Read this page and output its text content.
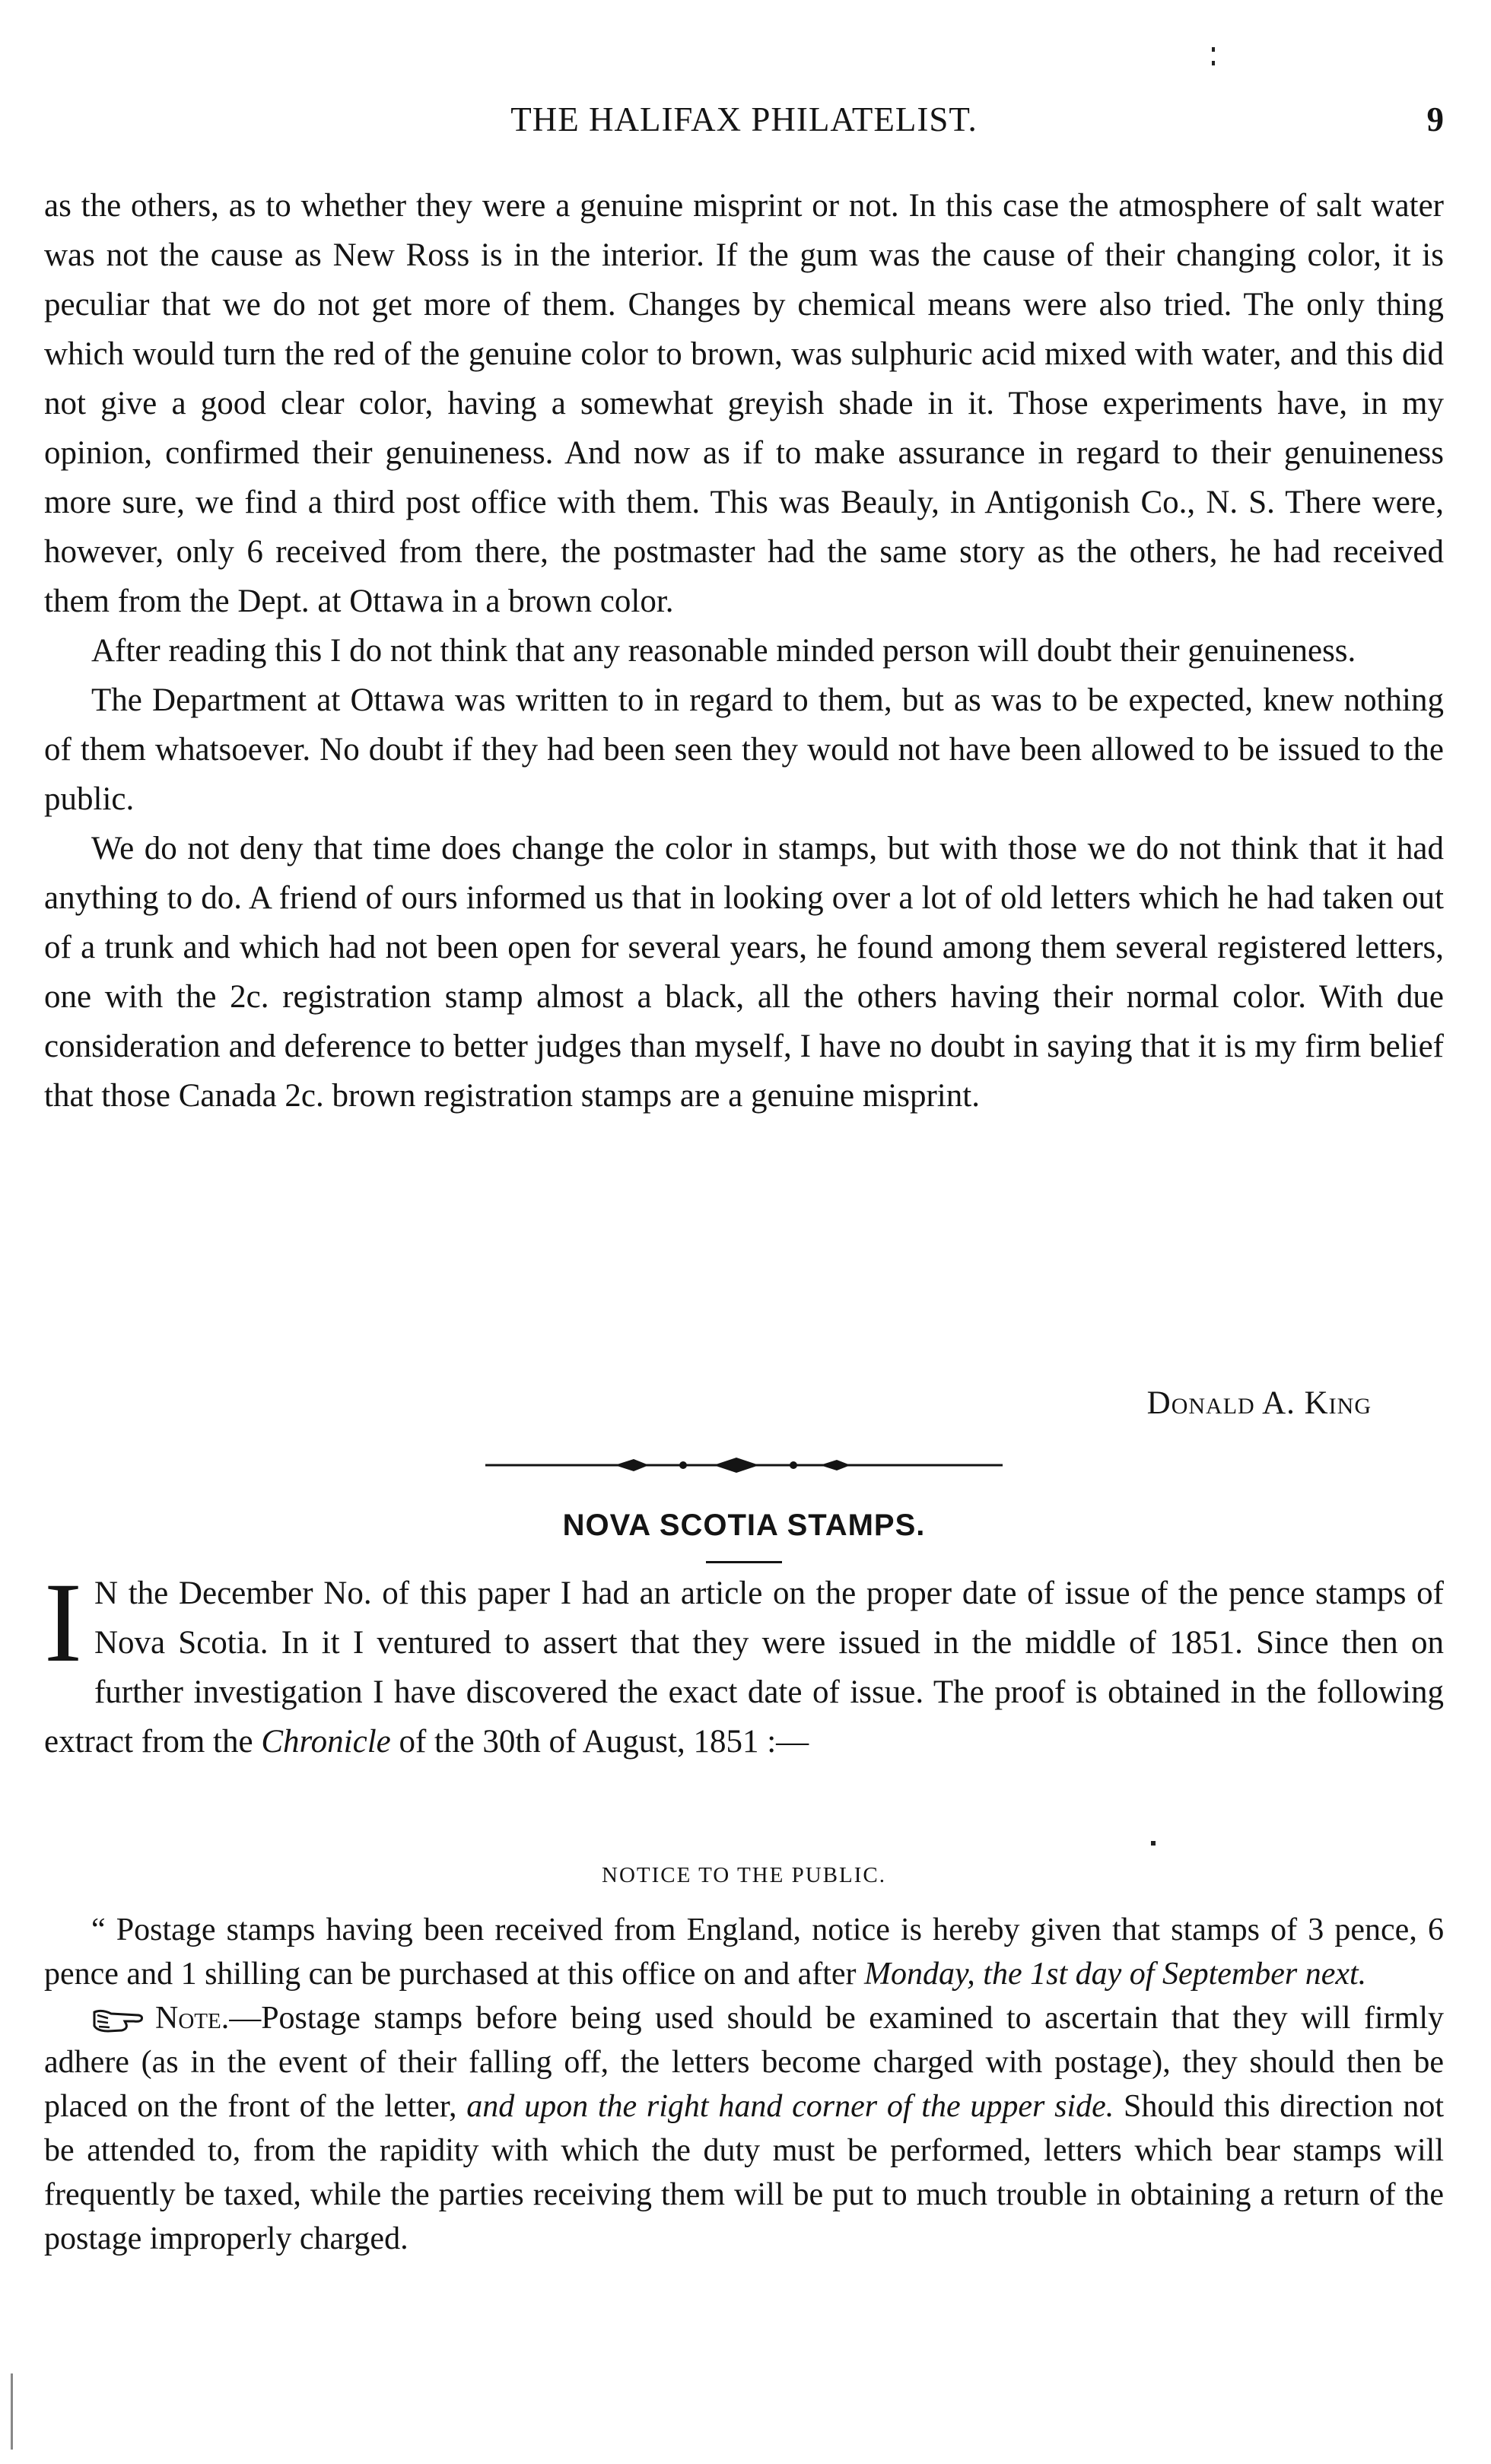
THE HALIFAX PHILATELIST.	9

as the others, as to whether they were a genuine misprint or not. In this case the atmosphere of salt water was not the cause as New Ross is in the interior. If the gum was the cause of their changing color, it is peculiar that we do not get more of them. Changes by chemical means were also tried. The only thing which would turn the red of the genuine color to brown, was sulphuric acid mixed with water, and this did not give a good clear color, having a somewhat greyish shade in it. Those experiments have, in my opinion, confirmed their genuineness. And now as if to make assurance in regard to their genuineness more sure, we find a third post office with them. This was Beauly, in Antigonish Co., N. S. There were, however, only 6 received from there, the postmaster had the same story as the others, he had received them from the Dept. at Ottawa in a brown color.

After reading this I do not think that any reasonable minded person will doubt their genuineness.

The Department at Ottawa was written to in regard to them, but as was to be expected, knew nothing of them whatsoever. No doubt if they had been seen they would not have been allowed to be issued to the public.

We do not deny that time does change the color in stamps, but with those we do not think that it had anything to do. A friend of ours informed us that in looking over a lot of old letters which he had taken out of a trunk and which had not been open for several years, he found among them several registered letters, one with the 2c. registration stamp almost a black, all the others having their normal color. With due consideration and deference to better judges than myself, I have no doubt in saying that it is my firm belief that those Canada 2c. brown registration stamps are a genuine misprint.

Donald A. King
NOVA SCOTIA STAMPS.

I N the December No. of this paper I had an article on the proper date of issue of the pence stamps of Nova Scotia. In it I ventured to assert that they were issued in the middle of 1851. Since then on further investigation I have discovered the exact date of issue. The proof is obtained in the following extract from the Chronicle of the 30th of August, 1851 :—

NOTICE TO THE PUBLIC.

“ Postage stamps having been received from England, notice is hereby given that stamps of 3 pence, 6 pence and 1 shilling can be purchased at this office on and after Monday, the 1st day of September next.

Note.—Postage stamps before being used should be examined to ascertain that they will firmly adhere (as in the event of their falling off, the letters become charged with postage), they should then be placed on the front of the letter, and upon the right hand corner of the upper side. Should this direction not be attended to, from the rapidity with which the duty must be performed, letters which bear stamps will frequently be taxed, while the parties receiving them will be put to much trouble in obtaining a return of the postage improperly charged.
